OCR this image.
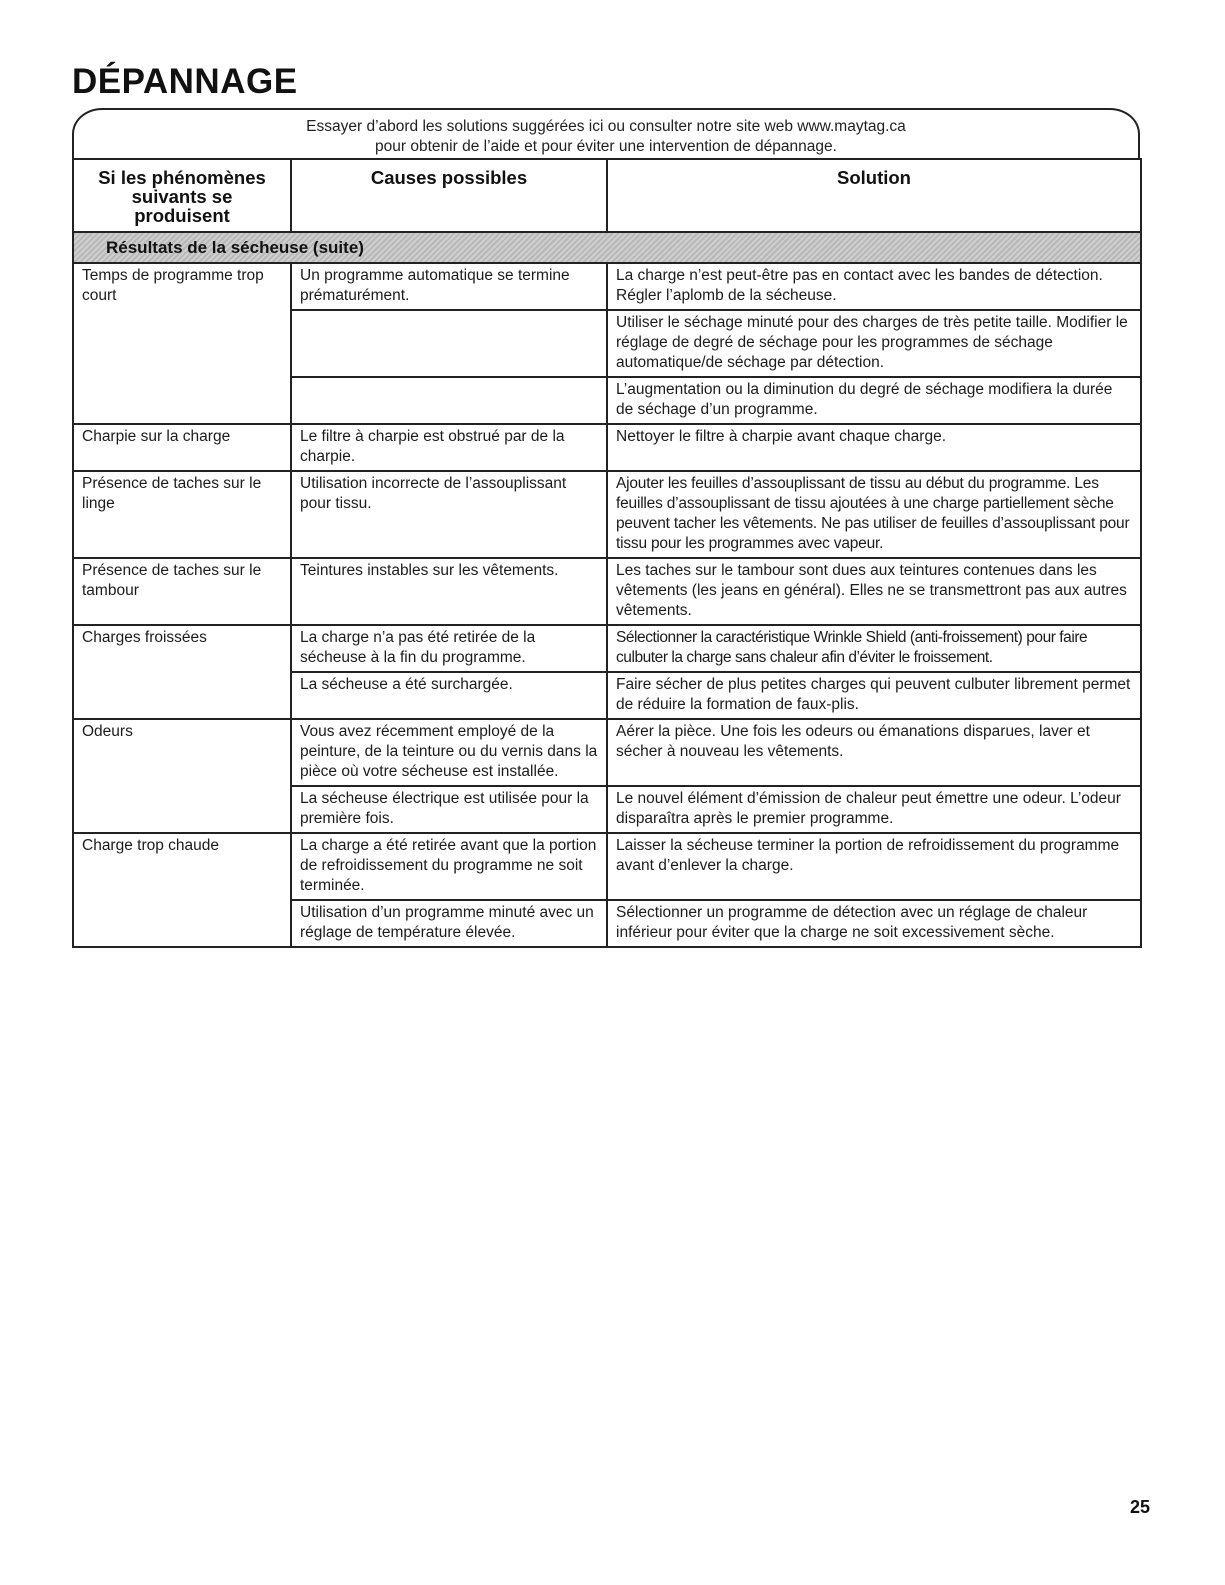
DÉPANNAGE
Essayer d’abord les solutions suggérées ici ou consulter notre site web www.maytag.ca
pour obtenir de l’aide et pour éviter une intervention de dépannage.
Si les phénomènes suivants se produisent	Causes possibles	Solution
Résultats de la sécheuse (suite)		
Temps de programme trop court	Un programme automatique se termine prématurément.	La charge n’est peut-être pas en contact avec les bandes de détection. Régler l’aplomb de la sécheuse.
		Utiliser le séchage minuté pour des charges de très petite taille. Modifier le réglage de degré de séchage pour les programmes de séchage automatique/de séchage par détection.
		L’augmentation ou la diminution du degré de séchage modifiera la durée de séchage d’un programme.
Charpie sur la charge	Le filtre à charpie est obstrué par de la charpie.	Nettoyer le filtre à charpie avant chaque charge.
Présence de taches sur le linge	Utilisation incorrecte de l’assouplissant pour tissu.	Ajouter les feuilles d’assouplissant de tissu au début du programme. Les feuilles d’assouplissant de tissu ajoutées à une charge partiellement sèche peuvent tacher les vêtements. Ne pas utiliser de feuilles d’assouplissant pour tissu pour les programmes avec vapeur.
Présence de taches sur le tambour	Teintures instables sur les vêtements.	Les taches sur le tambour sont dues aux teintures contenues dans les vêtements (les jeans en général). Elles ne se transmettront pas aux autres vêtements.
Charges froissées	La charge n’a pas été retirée de la sécheuse à la fin du programme.	Sélectionner la caractéristique Wrinkle Shield (anti-froissement) pour faire culbuter la charge sans chaleur afin d’éviter le froissement.
	La sécheuse a été surchargée.	Faire sécher de plus petites charges qui peuvent culbuter librement permet de réduire la formation de faux-plis.
Odeurs	Vous avez récemment employé de la peinture, de la teinture ou du vernis dans la pièce où votre sécheuse est installée.	Aérer la pièce. Une fois les odeurs ou émanations disparues, laver et sécher à nouveau les vêtements.
	La sécheuse électrique est utilisée pour la première fois.	Le nouvel élément d’émission de chaleur peut émettre une odeur. L’odeur disparaîtra après le premier programme.
Charge trop chaude	La charge a été retirée avant que la portion de refroidissement du programme ne soit terminée.	Laisser la sécheuse terminer la portion de refroidissement du programme avant d’enlever la charge.
	Utilisation d’un programme minuté avec un réglage de température élevée.	Sélectionner un programme de détection avec un réglage de chaleur inférieur pour éviter que la charge ne soit excessivement sèche.
25
